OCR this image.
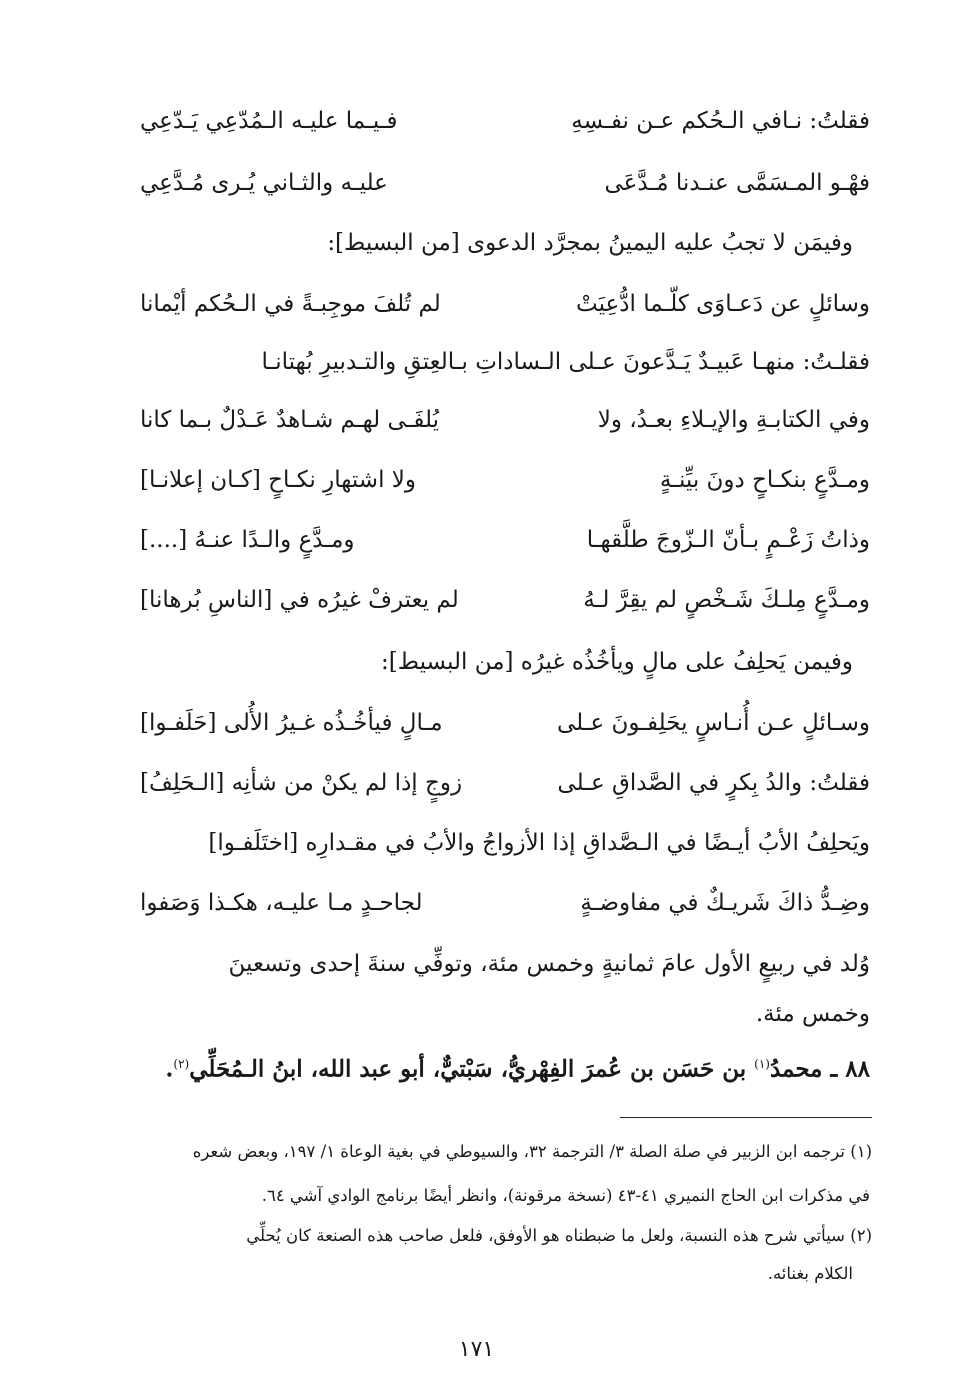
فقلتُ: نـافي الـحُكم عـن نفـسِهِ
فـيـما عليـه الـمُدّعِي يَـدّعِي
فهْـو المـسَمَّى عنـدنا مُـدَّعَى
عليـه والثـاني يُـرى مُـدَّعِي
وفيمَن لا تجبُ عليه اليمينُ بمجرَّد الدعوى [من البسيط]:
وسائلٍ عن دَعـاوَى كلّـما ادُّعِيَتْ
لم تُلفَ موجِبـةً في الـحُكم أيْمانا
فقلـتُ: منهـا عَبيـدٌ يَـدَّعونَ عـلى الـساداتِ بـالعِتقِ والتـدبيرِ بُهتانـا
وفي الكتابـةِ والإيـلاءِ بعـدُ، ولا
يُلفَـى لهـم شـاهدٌ عَـدْلٌ بـما كانا
ومـدَّعٍ بنكـاحٍ دونَ بيِّنـةٍ
ولا اشتهارِ نكـاحٍ [كـان إعلانـا]
وذاتُ زَعْـمٍ بـأنّ الـزّوجَ طلَّقهـا
ومـدَّعٍ والـدًا عنـهُ [....]
ومـدَّعٍ مِلـكَ شَـخْصٍ لم يقِرَّ لـهُ
لم يعترفْ غيرُه في [الناسِ بُرهانا]
وفيمن يَحلِفُ على مالٍ ويأخُذُه غيرُه [من البسيط]:
وسـائلٍ عـن أُنـاسٍ يحَلِفـونَ عـلى
مـالٍ فيأخُـذُه غـيرُ الأُلى [حَلَفـوا]
فقلتُ: والدُ بِكرٍ في الصَّداقِ عـلى
زوجٍ إذا لم يكنْ من شأنِه [الـحَلِفُ]
ويَحلِفُ الأبُ أيـضًا في الـصَّداقِ إذا الأزواجُ والأبُ في مقـدارِه [اختَلَفـوا]
وضِـدُّ ذاكَ شَريـكٌ في مفاوضـةٍ
لجاحـدٍ مـا عليـه، هكـذا وَصَفوا
وُلد في ربيعٍ الأول عامَ ثمانيةٍ وخمس مئة، وتوفِّي سنةَ إحدى وتسعينَ
وخمس مئة.
٨٨ ـ محمدُ$^{(١)}$ بن حَسَن بن عُمرَ الفِهْريُّ، سَبْتيٌّ، أبو عبد الله، ابنُ الـمُحَلِّي$^{(٢)}$.
(١) ترجمه ابن الزبير في صلة الصلة ٣/ الترجمة ٣٢، والسيوطي في بغية الوعاة ١/ ١٩٧، وبعض شعره
في مذكرات ابن الحاج النميري ٤١-٤٣ (نسخة مرقونة)، وانظر أيضًا برنامج الوادي آشي ٦٤.
(٢) سيأتي شرح هذه النسبة، ولعل ما ضبطناه هو الأوفق، فلعل صاحب هذه الصنعة كان يُحلِّي
الكلام بغنائه.
١٧١
